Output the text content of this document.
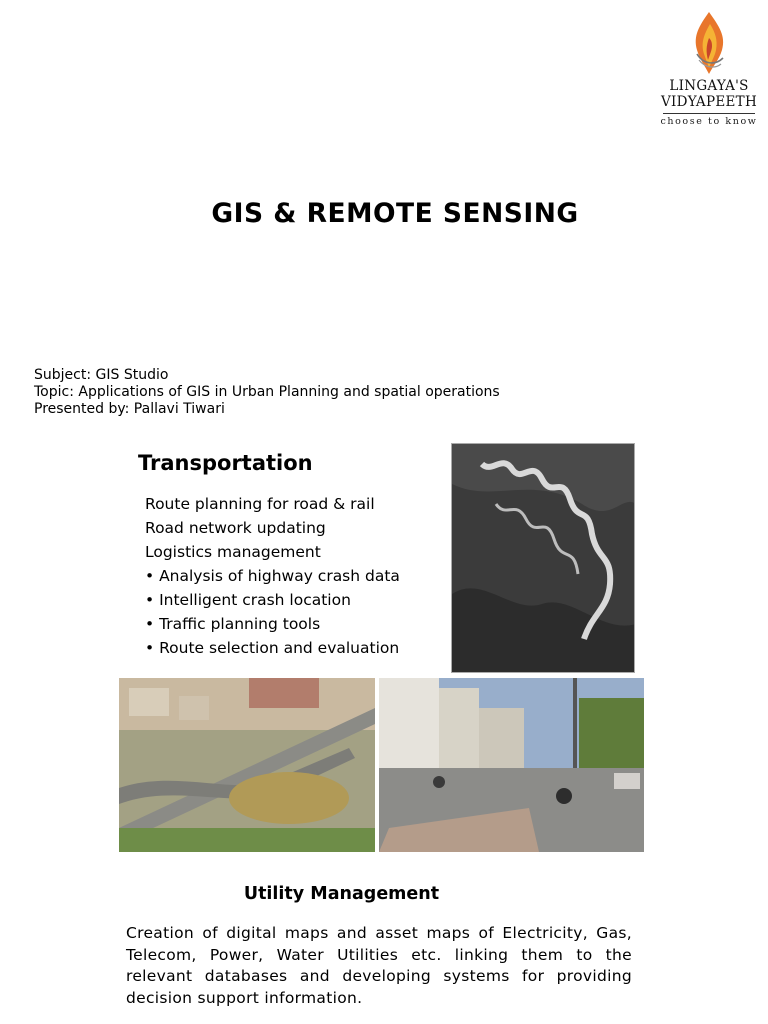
LINGAYA'S
VIDYAPEETH
choose to know
GIS & REMOTE SENSING
Subject: GIS Studio
Topic: Applications of GIS in Urban Planning and spatial operations
Presented by: Pallavi Tiwari
Transportation
Route planning for road & rail
Road network updating
Logistics management
• Analysis of highway crash data
• Intelligent crash location
• Traffic planning tools
• Route selection and evaluation
Utility Management

Creation of digital maps and asset maps of Electricity, Gas, Telecom, Power, Water Utilities etc. linking them to the relevant databases and developing systems for providing decision support information.
